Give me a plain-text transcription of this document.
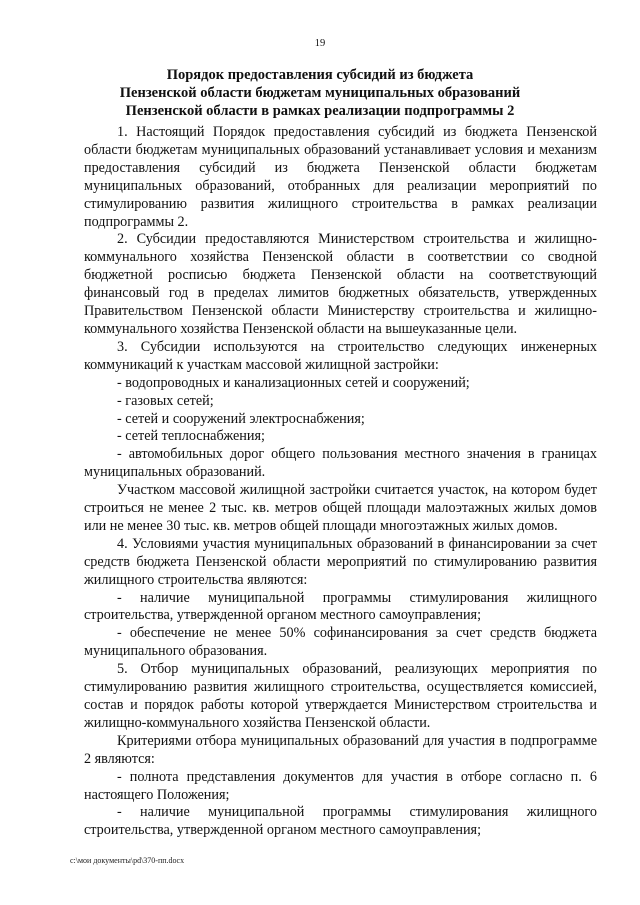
19
Порядок предоставления субсидий из бюджета
Пензенской области бюджетам муниципальных образований
Пензенской области в рамках реализации подпрограммы 2

1. Настоящий Порядок предоставления субсидий из бюджета Пензенской области бюджетам муниципальных образований устанавливает условия и механизм предоставления субсидий из бюджета Пензенской области бюджетам муниципальных образований, отобранных для реализации мероприятий по стимулированию развития жилищного строительства в рамках реализации подпрограммы 2.

2. Субсидии предоставляются Министерством строительства и жилищно-коммунального хозяйства Пензенской области в соответствии со сводной бюджетной росписью бюджета Пензенской области на соответствующий финансовый год в пределах лимитов бюджетных обязательств, утвержденных Правительством Пензенской области Министерству строительства и жилищно-коммунального хозяйства Пензенской области на вышеуказанные цели.

3. Субсидии используются на строительство следующих инженерных коммуникаций к участкам массовой жилищной застройки:

- водопроводных и канализационных сетей и сооружений;

- газовых сетей;

- сетей и сооружений электроснабжения;

- сетей теплоснабжения;

- автомобильных дорог общего пользования местного значения в границах муниципальных образований.

Участком массовой жилищной застройки считается участок, на котором будет строиться не менее 2 тыс. кв. метров общей площади малоэтажных жилых домов или не менее 30 тыс. кв. метров общей площади многоэтажных жилых домов.

4. Условиями участия муниципальных образований в финансировании за счет средств бюджета Пензенской области мероприятий по стимулированию развития жилищного строительства являются:

- наличие муниципальной программы стимулирования жилищного строительства, утвержденной органом местного самоуправления;

- обеспечение не менее 50% софинансирования за счет средств бюджета муниципального образования.

5. Отбор муниципальных образований, реализующих мероприятия по стимулированию развития жилищного строительства, осуществляется комиссией, состав и порядок работы которой утверждается Министерством строительства и жилищно-коммунального хозяйства Пензенской области.

Критериями отбора муниципальных образований для участия в подпрограмме 2 являются:

- полнота представления документов для участия в отборе согласно п. 6 настоящего Положения;

- наличие муниципальной программы стимулирования жилищного строительства, утвержденной органом местного самоуправления;

c:\мои документы\pd\370-пп.docx
